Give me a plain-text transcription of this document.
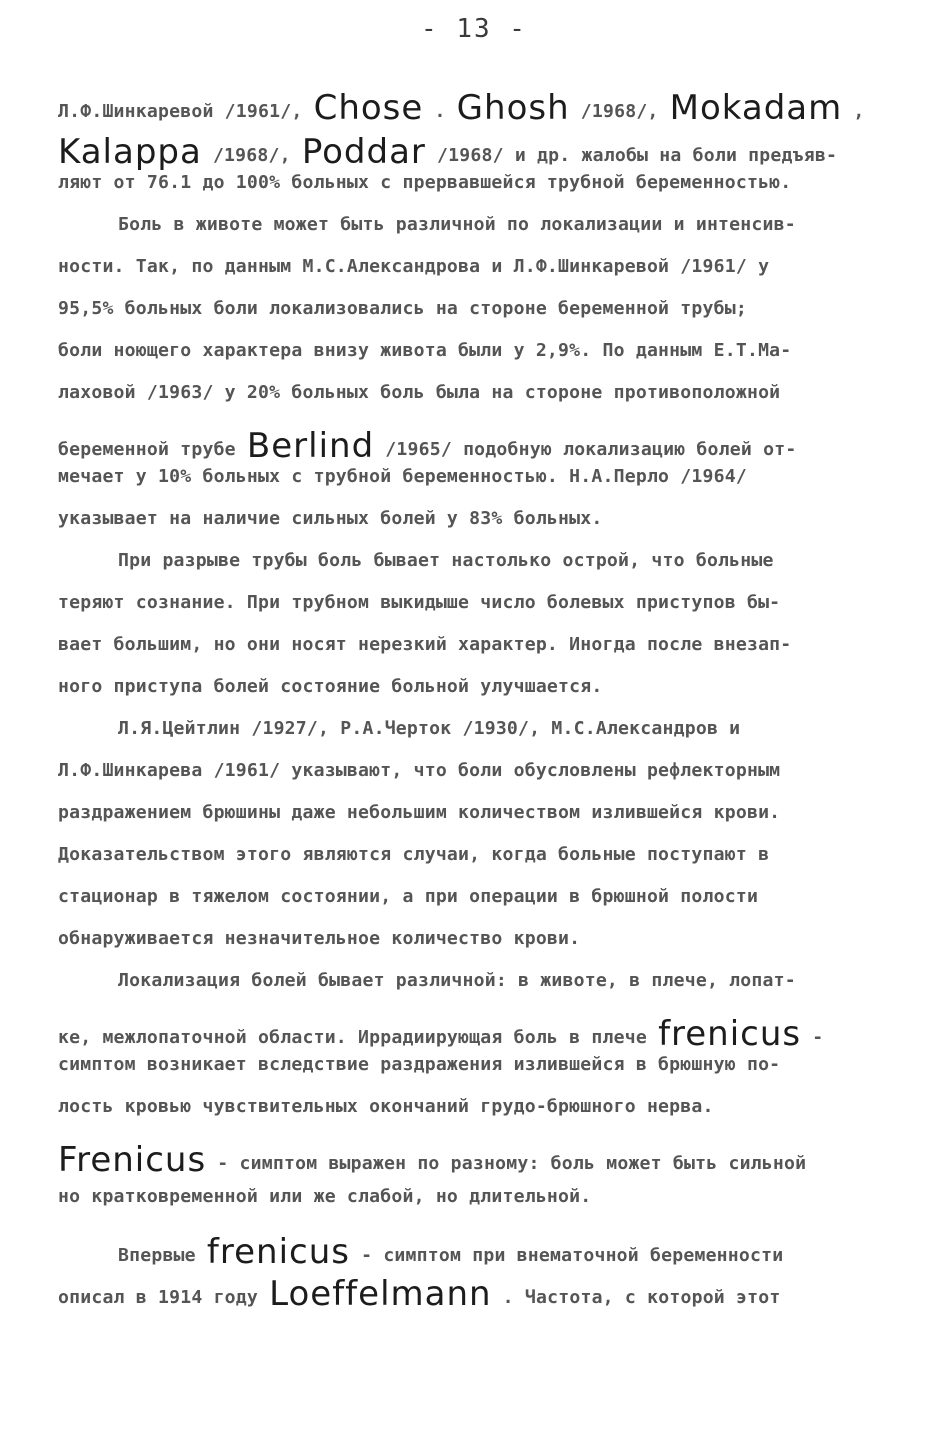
- 13 -
Л.Ф.Шинкаревой /1961/, Chose . Ghosh /1968/, Mokadam ,
Kalappa /1968/, Poddar /1968/ и др. жалобы на боли предъяв-
ляют от 76.1 до 100% больных с прервавшейся трубной беременностью.
Боль в животе может быть различной по локализации и интенсив-
ности. Так, по данным М.С.Александрова и Л.Ф.Шинкаревой /1961/ у
95,5% больных боли локализовались на стороне беременной трубы;
боли ноющего характера внизу живота были у 2,9%. По данным Е.Т.Ма-
лаховой /1963/ у 20% больных боль была на стороне противоположной
беременной трубе Berlind /1965/ подобную локализацию болей от-
мечает у 10% больных с трубной беременностью. Н.А.Перло /1964/
указывает на наличие сильных болей у 83% больных.
При разрыве трубы боль бывает настолько острой, что больные
теряют сознание. При трубном выкидыше число болевых приступов бы-
вает большим, но они носят нерезкий характер. Иногда после внезап-
ного приступа болей состояние больной улучшается.
Л.Я.Цейтлин /1927/, Р.А.Черток /1930/, М.С.Александров и
Л.Ф.Шинкарева /1961/ указывают, что боли обусловлены рефлекторным
раздражением брюшины даже небольшим количеством излившейся крови.
Доказательством этого являются случаи, когда больные поступают в
стационар в тяжелом состоянии, а при операции в брюшной полости
обнаруживается незначительное количество крови.
Локализация болей бывает различной: в животе, в плече, лопат-
ке, межлопаточной области. Иррадиирующая боль в плече frenicus -
симптом возникает вследствие раздражения излившейся в брюшную по-
лость кровью чувствительных окончаний грудо-брюшного нерва.
Frenicus - симптом выражен по разному: боль может быть сильной
но кратковременной или же слабой, но длительной.
Впервые frenicus - симптом при внематочной беременности
описал в 1914 году Loeffelmann . Частота, с которой этот
